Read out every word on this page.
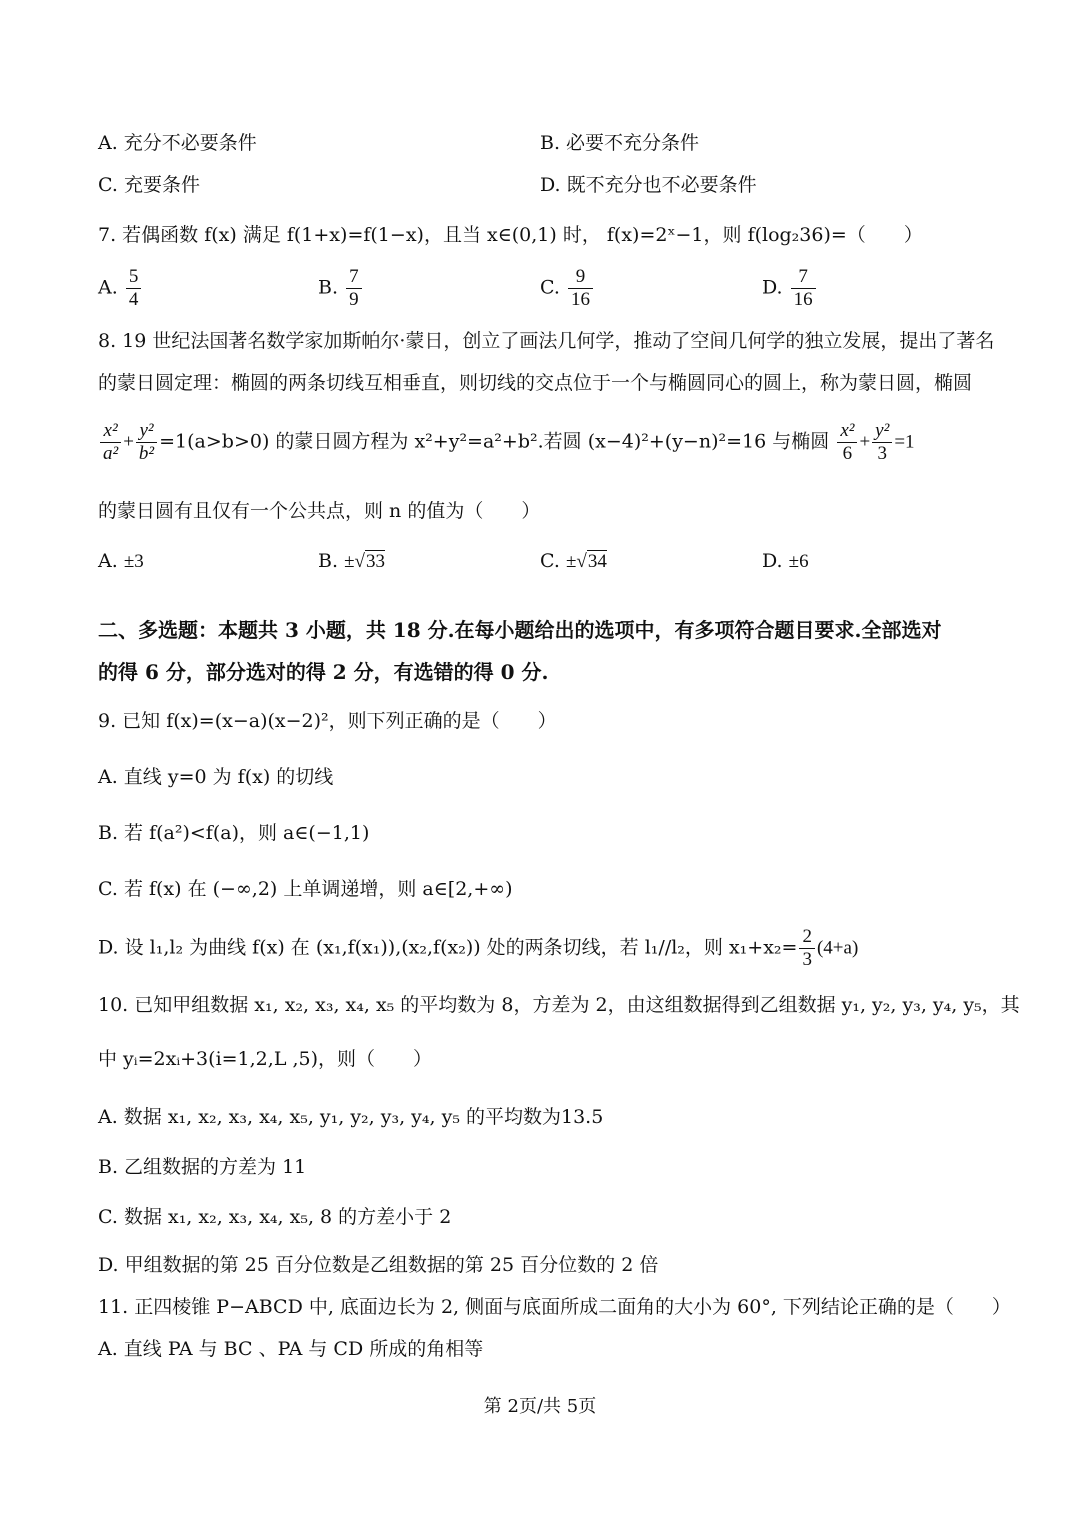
A. 充分不必要条件	B. 必要不充分条件
C. 充要条件	D. 既不充分也不必要条件
7. 若偶函数 f(x) 满足 f(1+x)=f(1−x)，且当 x∈(0,1) 时， f(x)=2ˣ−1，则 f(log₂36)=（　　）
A. $\frac{5}{4}$	B. $\frac{7}{9}$	C. $\frac{9}{16}$	D. $\frac{7}{16}$
8. 19 世纪法国著名数学家加斯帕尔·蒙日，创立了画法几何学，推动了空间几何学的独立发展，提出了著名
的蒙日圆定理：椭圆的两条切线互相垂直，则切线的交点位于一个与椭圆同心的圆上，称为蒙日圆，椭圆
$\frac{\text{x²}}{\text{a²}} + \frac{\text{y²}}{\text{b²}} =1(a>b>0)$ 的蒙日圆方程为 x²+y²=a²+b².若圆 (x−4)²+(y−n)²=16 与椭圆 $\frac{\text{x²}}{6} + \frac{\text{y²}}{3} =1$
的蒙日圆有且仅有一个公共点，则 n 的值为（　　）
A. ±3	B. ±√33	C. ±√34	D. ±6
二、多选题：本题共 3 小题，共 18 分.在每小题给出的选项中，有多项符合题目要求.全部选对
的得 6 分，部分选对的得 2 分，有选错的得 0 分.
9. 已知 f(x)=(x−a)(x−2)²，则下列正确的是（　　）
A. 直线 y=0 为 f(x) 的切线
B. 若 f(a²)<f(a)，则 a∈(−1,1)
C. 若 f(x) 在 (−∞,2) 上单调递增，则 a∈[2,+∞)
D. 设 l₁,l₂ 为曲线 f(x) 在 (x₁,f(x₁)),(x₂,f(x₂)) 处的两条切线，若 l₁//l₂，则 $x_1+x_2= \frac{2}{3} (4+a)$
10. 已知甲组数据 x₁, x₂, x₃, x₄, x₅ 的平均数为 8，方差为 2，由这组数据得到乙组数据 y₁, y₂, y₃, y₄, y₅，其
中 yᵢ=2xᵢ+3(i=1,2,L ,5)，则（　　）
A. 数据 x₁, x₂, x₃, x₄, x₅, y₁, y₂, y₃, y₄, y₅ 的平均数为13.5
B. 乙组数据的方差为 11
C. 数据 x₁, x₂, x₃, x₄, x₅, 8 的方差小于 2
D. 甲组数据的第 25 百分位数是乙组数据的第 25 百分位数的 2 倍
11. 正四棱锥 P−ABCD 中, 底面边长为 2, 侧面与底面所成二面角的大小为 60°, 下列结论正确的是（　　）
A. 直线 PA 与 BC 、PA 与 CD 所成的角相等
第 2页/共 5页
